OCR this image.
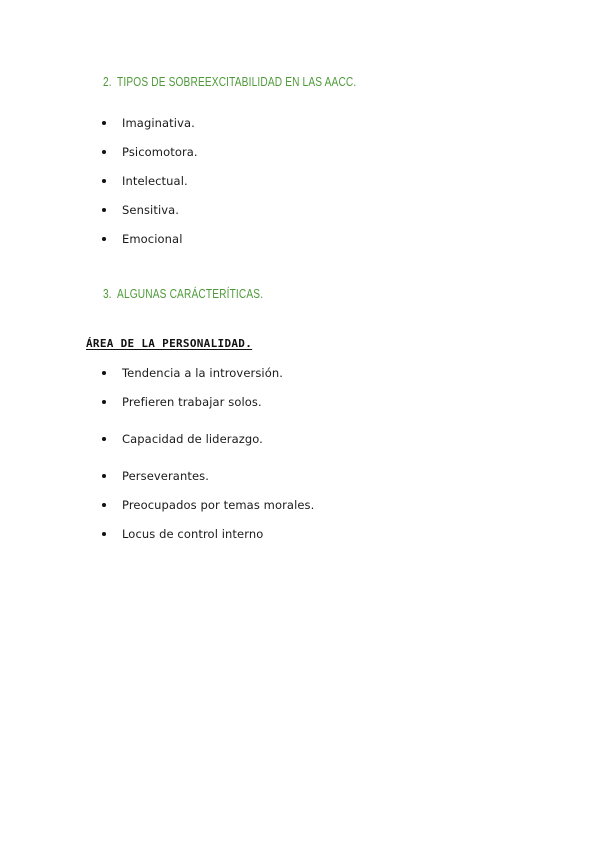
2. TIPOS DE SOBREEXCITABILIDAD EN LAS AACC.
Imaginativa.
Psicomotora.
Intelectual.
Sensitiva.
Emocional
3. ALGUNAS CARÁCTERÍTICAS.
ÁREA DE LA PERSONALIDAD.
Tendencia a la introversión.
Prefieren trabajar solos.
Capacidad de liderazgo.
Perseverantes.
Preocupados por temas morales.
Locus de control interno
